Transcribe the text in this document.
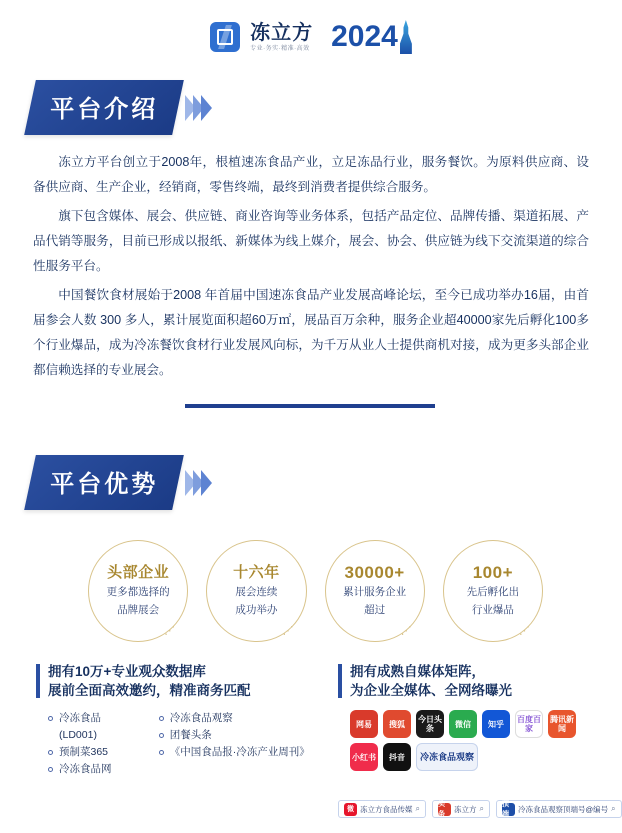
冻立方
专业·务实·精准·高效 2024
平台介绍

冻立方平台创立于2008年，根植速冻食品产业，立足冻品行业，服务餐饮。为原料供应商、设备供应商、生产企业，经销商，零售终端，最终到消费者提供综合服务。

旗下包含媒体、展会、供应链、商业咨询等业务体系，包括产品定位、品牌传播、渠道拓展、产品代销等服务，目前已形成以报纸、新媒体为线上媒介，展会、协会、供应链为线下交流渠道的综合性服务平台。

中国餐饮食材展始于2008 年首届中国速冻食品产业发展高峰论坛，至今已成功举办16届，由首届参会人数 300 多人，累计展览面积超60万㎡，展品百万余种，服务企业超40000家先后孵化100多个行业爆品，成为冷冻餐饮食材行业发展风向标，为千万从业人士提供商机对接，成为更多头部企业都信赖选择的专业展会。

平台优势
头部企业
更多都选择的
品牌展会
⋰
十六年
展会连续
成功举办
⋰
30000+
累计服务企业
超过
⋰
100+
先后孵化出
行业爆品
⋰
拥有10万+专业观众数据库
展前全面高效邀约，精准商务匹配
冷冻食品(LD001)
预制菜365
冷冻食品网
冷冻食品观察
团餐头条
《中国食品报·冷冻产业周刊》
拥有成熟自媒体矩阵，
为企业全媒体、全网络曝光
网易	搜狐	今日头条	微信	知乎	百度百家
腾讯新闻
小红书	抖音	冷冻食品观察
微 冻立方食品传媒 ⌕	头条
冻立方 ⌕	顶端
冷冻食品观察顶端号@编号 ⌕
